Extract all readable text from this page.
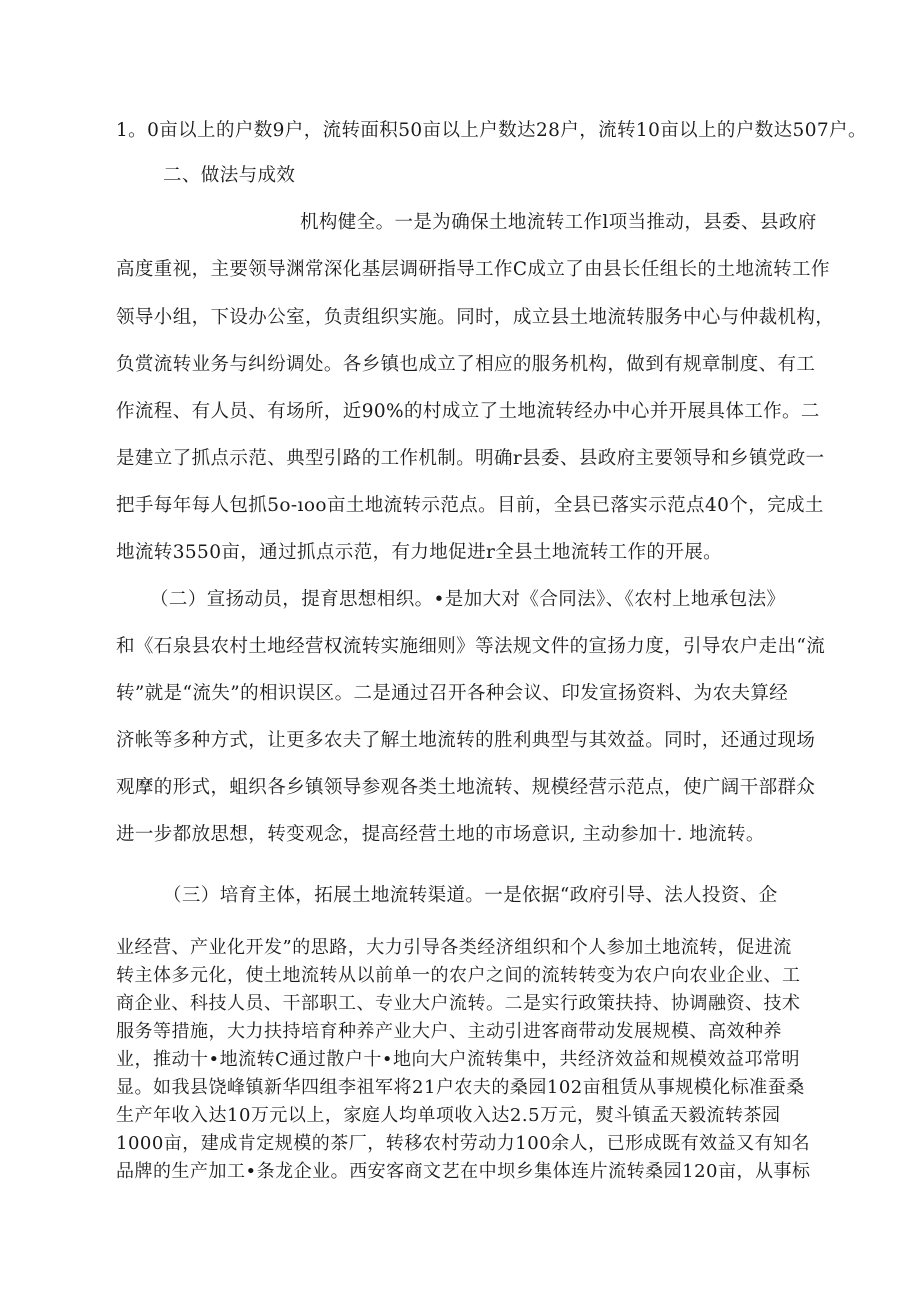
1。0亩以上的户数9户，流转面积50亩以上户数达28户，流转10亩以上的户数达507户。
二、做法与成效
机构健全。一是为确保土地流转工作l项当推动，县委、县政府
高度重视，主要领导渊常深化基层调研指导工作C成立了由县长任组长的土地流转工作
领导小组，下设办公室，负责组织实施。同时，成立县土地流转服务中心与仲裁机构，
负赏流转业务与纠纷调处。各乡镇也成立了相应的服务机构，做到有规章制度、有工
作流程、有人员、有场所，近90%的村成立了土地流转经办中心并开展具体工作。二
是建立了抓点示范、典型引路的工作机制。明确r县委、县政府主要领导和乡镇党政一
把手每年每人包抓5o-ıoo亩土地流转示范点。目前，全县已落实示范点40个，完成土
地流转3550亩，通过抓点示范，有力地促进r全县土地流转工作的开展。
（二）宣扬动员，提育思想相织。•是加大对《合同法》、《农村上地承包法》
和《石泉县农村土地经营权流转实施细则》等法规文件的宣扬力度，引导农户走出“流
转”就是“流失”的相识误区。二是通过召开各种会议、印发宣扬资料、为农夫算经
济帐等多种方式，让更多农夫了解土地流转的胜利典型与其效益。同时，还通过现场
观摩的形式，蛆织各乡镇领导参观各类土地流转、规模经营示范点，使广阔干部群众
进一步都放思想，转变观念，提高经营土地的市场意识, 主动参加十. 地流转。
（三）培育主体，拓展土地流转渠道。一是依据“政府引导、法人投资、企
业经营、产业化开发”的思路，大力引导各类经济组织和个人参加土地流转，促进流
转主体多元化，使土地流转从以前单一的农户之间的流转转变为农户向农业企业、工
商企业、科技人员、干部职工、专业大户流转。二是实行政策扶持、协调融资、技术
服务等措施，大力扶持培育种养产业大户、主动引进客商带动发展规模、高效种养
业，推动十•地流转C通过散户十•地向大户流转集中，共经济效益和规模效益邛常明
显。如我县饶峰镇新华四组李祖军将21户农夫的桑园102亩租赁从事规模化标准蚕桑
生产年收入达10万元以上，家庭人均单项收入达2.5万元，熨斗镇孟天毅流转茶园
1000亩，建成肯定规模的茶厂，转移农村劳动力100余人，已形成既有效益又有知名
品牌的生产加工•条龙企业。西安客商文艺在中坝乡集体连片流转桑园120亩，从事标
